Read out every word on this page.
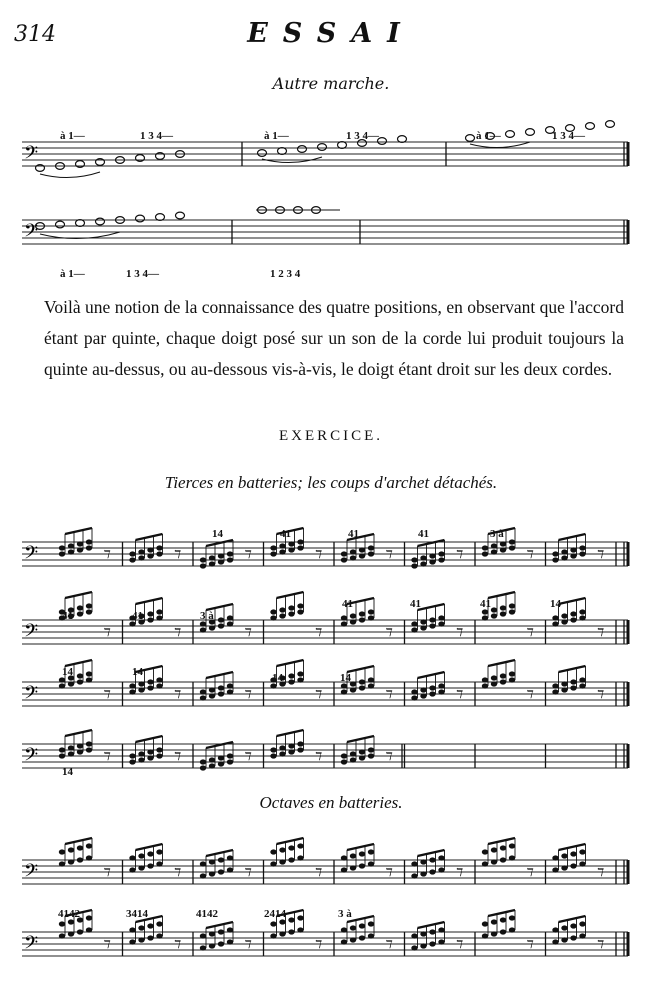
314	ESSAI
Autre marche.
𝄢
𝄢
à 1—	1 3 4—	à 1—	1 3 4—	à 1—	1 3 4—
à 1—	1 3 4—	1 2 3 4
Voilà une notion de la connaissance des quatre positions, en observant que l'accord étant par quinte, chaque doigt posé sur un son de la corde lui produit toujours la quinte au-dessus, ou au-dessous vis-à-vis, le doigt étant droit sur les deux cordes.
EXERCICE.
Tierces en batteries; les coups d'archet détachés.
𝄢	ℸ	ℸ	ℸ	ℸ	ℸ	ℸ	ℸ	ℸ
𝄢	ℸ	ℸ	ℸ	ℸ	ℸ	ℸ	ℸ	ℸ
𝄢	ℸ	ℸ	ℸ	ℸ	ℸ	ℸ	ℸ	ℸ
𝄢	ℸ	ℸ	ℸ	ℸ	ℸ
14	41	41	41	3 à
41	41	3 à
41	41	41	14
14	14	14	14
14
Octaves en batteries.
𝄢	ℸ	ℸ	ℸ	ℸ	ℸ	ℸ	ℸ	ℸ
𝄢	ℸ	ℸ	ℸ	ℸ	ℸ	ℸ	ℸ	ℸ
4142	3414	4142	2414	3 à
